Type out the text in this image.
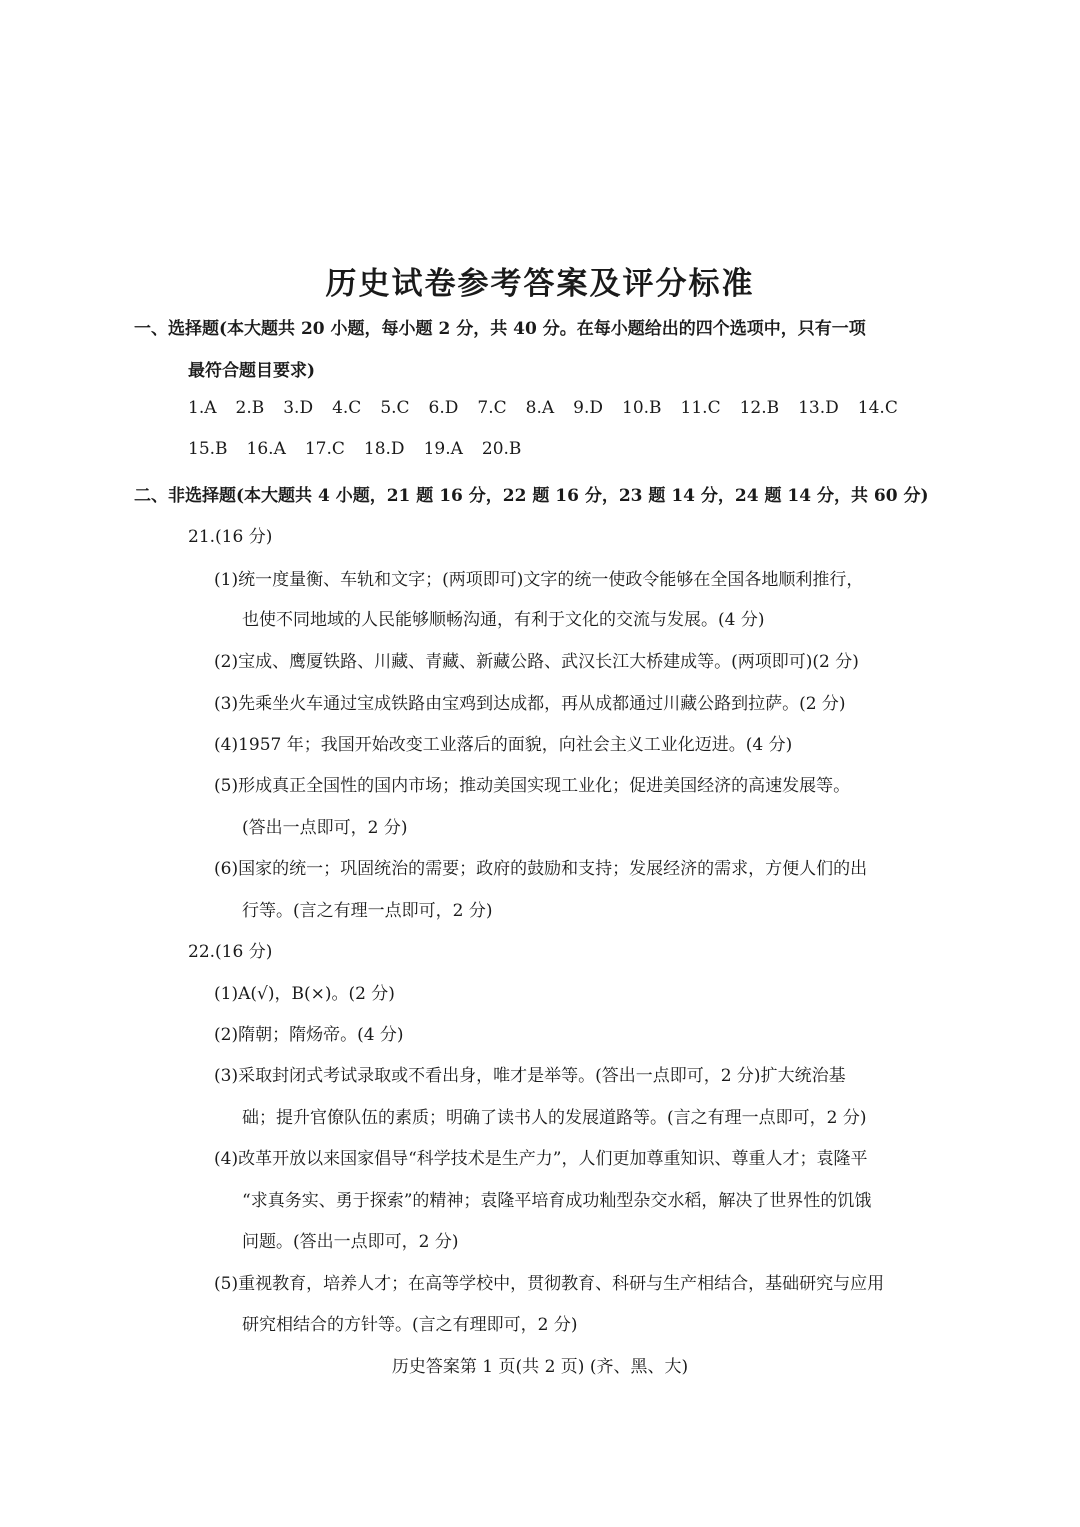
历史试卷参考答案及评分标准
一、选择题(本大题共 20 小题，每小题 2 分，共 40 分。在每小题给出的四个选项中，只有一项
最符合题目要求)
1.A 2.B 3.D 4.C 5.C 6.D 7.C 8.A 9.D 10.B 11.C 12.B 13.D 14.C
15.B 16.A 17.C 18.D 19.A 20.B
二、非选择题(本大题共 4 小题，21 题 16 分，22 题 16 分，23 题 14 分，24 题 14 分，共 60 分)
21.(16 分)
(1)统一度量衡、车轨和文字；(两项即可)文字的统一使政令能够在全国各地顺利推行，
也使不同地域的人民能够顺畅沟通，有利于文化的交流与发展。(4 分)
(2)宝成、鹰厦铁路、川藏、青藏、新藏公路、武汉长江大桥建成等。(两项即可)(2 分)
(3)先乘坐火车通过宝成铁路由宝鸡到达成都，再从成都通过川藏公路到拉萨。(2 分)
(4)1957 年；我国开始改变工业落后的面貌，向社会主义工业化迈进。(4 分)
(5)形成真正全国性的国内市场；推动美国实现工业化；促进美国经济的高速发展等。
(答出一点即可，2 分)
(6)国家的统一；巩固统治的需要；政府的鼓励和支持；发展经济的需求，方便人们的出
行等。(言之有理一点即可，2 分)
22.(16 分)
(1)A(√)，B(×)。(2 分)
(2)隋朝；隋炀帝。(4 分)
(3)采取封闭式考试录取或不看出身，唯才是举等。(答出一点即可，2 分)扩大统治基
础；提升官僚队伍的素质；明确了读书人的发展道路等。(言之有理一点即可，2 分)
(4)改革开放以来国家倡导“科学技术是生产力”，人们更加尊重知识、尊重人才；袁隆平
“求真务实、勇于探索”的精神；袁隆平培育成功籼型杂交水稻，解决了世界性的饥饿
问题。(答出一点即可，2 分)
(5)重视教育，培养人才；在高等学校中，贯彻教育、科研与生产相结合，基础研究与应用
研究相结合的方针等。(言之有理即可，2 分)
历史答案第 1 页(共 2 页) (齐、黑、大)
